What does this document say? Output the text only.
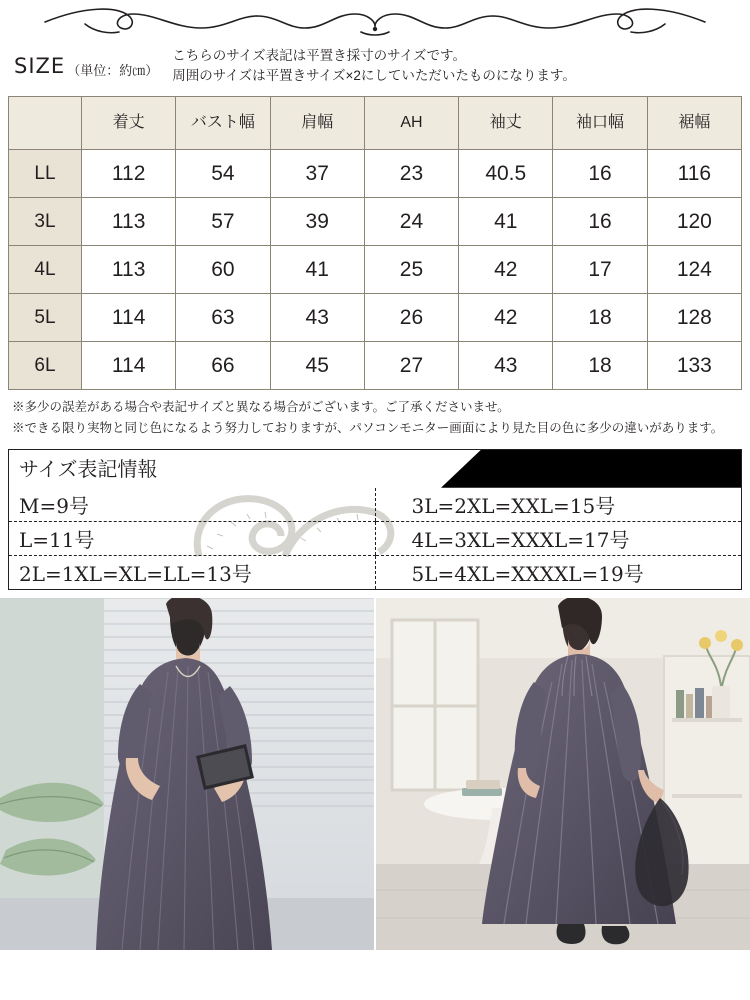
SIZE （単位：約㎝）
こちらのサイズ表記は平置き採寸のサイズです。
周囲のサイズは平置きサイズ×2にしていただいたものになります。
	着丈	バスト幅	肩幅	AH	袖丈	袖口幅	裾幅
LL	112	54	37	23	40.5	16	116
3L	113	57	39	24	41	16	120
4L	113	60	41	25	42	17	124
5L	114	63	43	26	42	18	128
6L	114	66	45	27	43	18	133

※多少の誤差がある場合や表記サイズと異なる場合がございます。ご了承くださいませ。

※できる限り実物と同じ色になるよう努力しておりますが、パソコンモニター画面により見た目の色に多少の違いがあります。

サイズ表記情報
M=9号	3L=2XL=XXL=15号
L=11号	4L=3XL=XXXL=17号
2L=1XL=XL=LL=13号	5L=4XL=XXXXL=19号
